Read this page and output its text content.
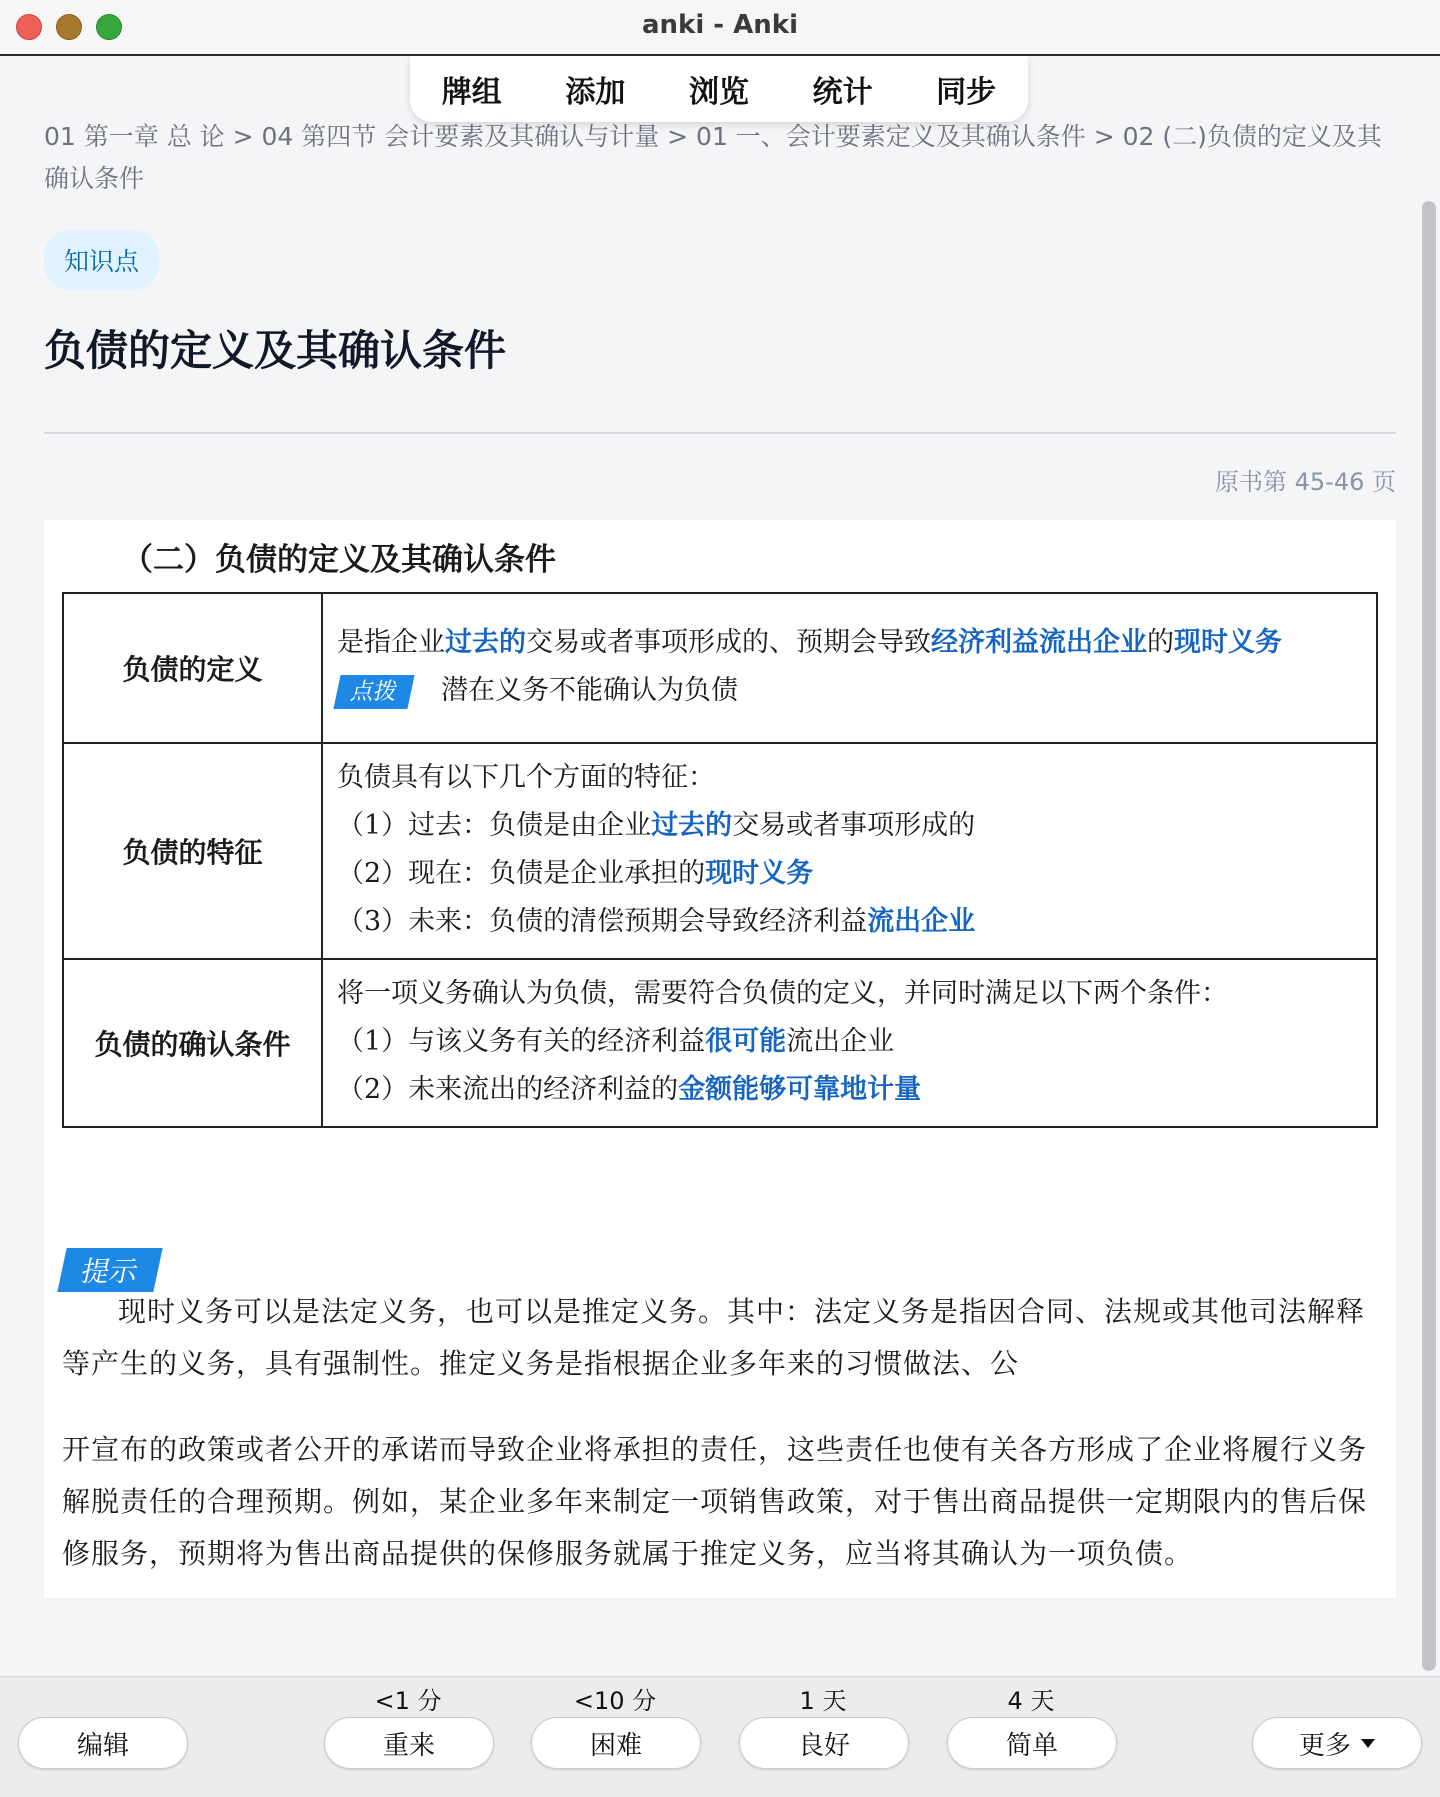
anki - Anki
牌组 添加 浏览 统计 同步
01 第一章 总 论 > 04 第四节 会计要素及其确认与计量 > 01 一、会计要素定义及其确认条件 > 02 (二)负债的定义及其确认条件
知识点
负债的定义及其确认条件
原书第 45-46 页
（二）负债的定义及其确认条件
负债的定义	是指企业过去的交易或者事项形成的、预期会导致经济利益流出企业的现时义务
点拨 潜在义务不能确认为负债
负债的特征	负债具有以下几个方面的特征：
（1）过去：负债是由企业过去的交易或者事项形成的
（2）现在：负债是企业承担的现时义务
（3）未来：负债的清偿预期会导致经济利益流出企业
负债的确认条件	将一项义务确认为负债，需要符合负债的定义，并同时满足以下两个条件：
（1）与该义务有关的经济利益很可能流出企业
（2）未来流出的经济利益的金额能够可靠地计量
提示

现时义务可以是法定义务，也可以是推定义务。其中：法定义务是指因合同、法规或其他司法解释等产生的义务，具有强制性。推定义务是指根据企业多年来的习惯做法、公

开宣布的政策或者公开的承诺而导致企业将承担的责任，这些责任也使有关各方形成了企业将履行义务解脱责任的合理预期。例如，某企业多年来制定一项销售政策，对于售出商品提供一定期限内的售后保修服务，预期将为售出商品提供的保修服务就属于推定义务，应当将其确认为一项负债。

编辑
<1 分
重来
<10 分
困难
1 天
良好
4 天
简单	更多
